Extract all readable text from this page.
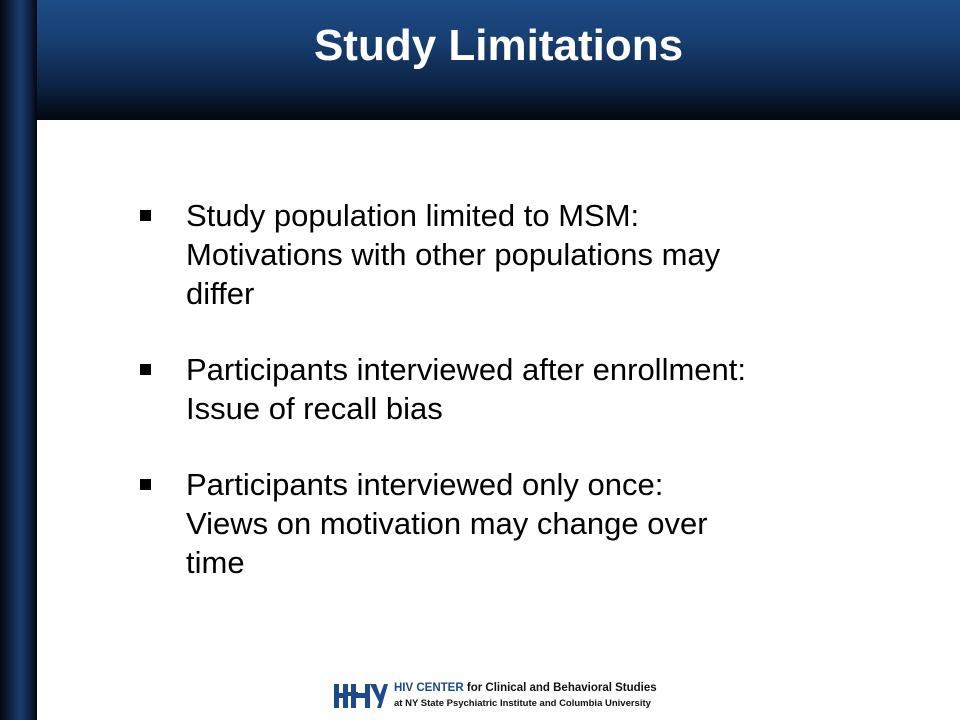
Study Limitations
Study population limited to MSM:
Motivations with other populations may
differ
Participants interviewed after enrollment:
Issue of recall bias
Participants interviewed only once:
Views on motivation may change over
time
HIV CENTER for Clinical and Behavioral Studies
at NY State Psychiatric Institute and Columbia University
